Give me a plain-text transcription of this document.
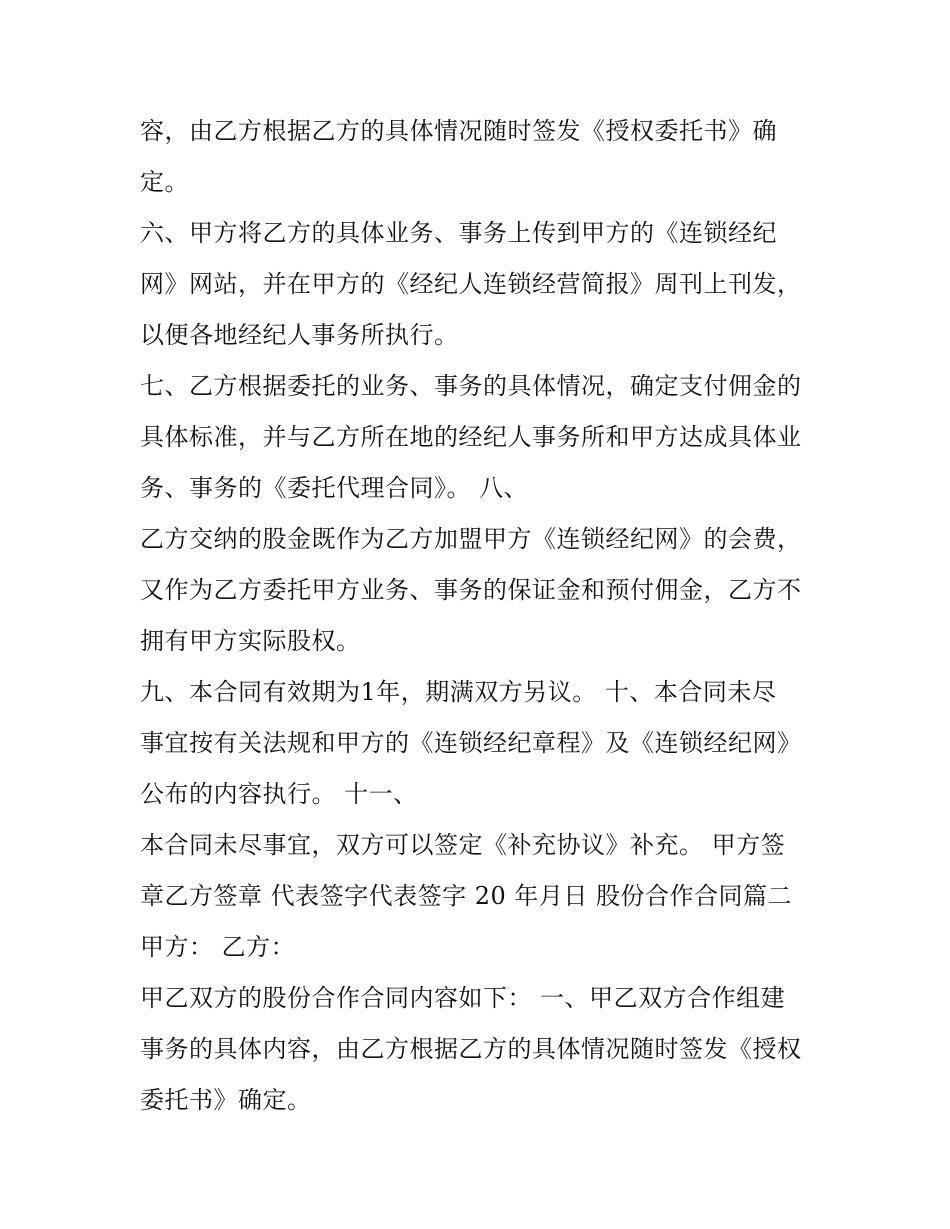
容，由乙方根据乙方的具体情况随时签发《授权委托书》确
定。
六、甲方将乙方的具体业务、事务上传到甲方的《连锁经纪
网》网站，并在甲方的《经纪人连锁经营简报》周刊上刊发，
以便各地经纪人事务所执行。
七、乙方根据委托的业务、事务的具体情况，确定支付佣金的
具体标准，并与乙方所在地的经纪人事务所和甲方达成具体业
务、事务的《委托代理合同》。 八、
乙方交纳的股金既作为乙方加盟甲方《连锁经纪网》的会费，
又作为乙方委托甲方业务、事务的保证金和预付佣金，乙方不
拥有甲方实际股权。
九、本合同有效期为1年，期满双方另议。 十、本合同未尽
事宜按有关法规和甲方的《连锁经纪章程》及《连锁经纪网》
公布的内容执行。 十一、
本合同未尽事宜，双方可以签定《补充协议》补充。 甲方签
章乙方签章 代表签字代表签字 20 年月日 股份合作合同篇二
甲方： 乙方：
甲乙双方的股份合作合同内容如下： 一、甲乙双方合作组建
事务的具体内容，由乙方根据乙方的具体情况随时签发《授权
委托书》确定。
